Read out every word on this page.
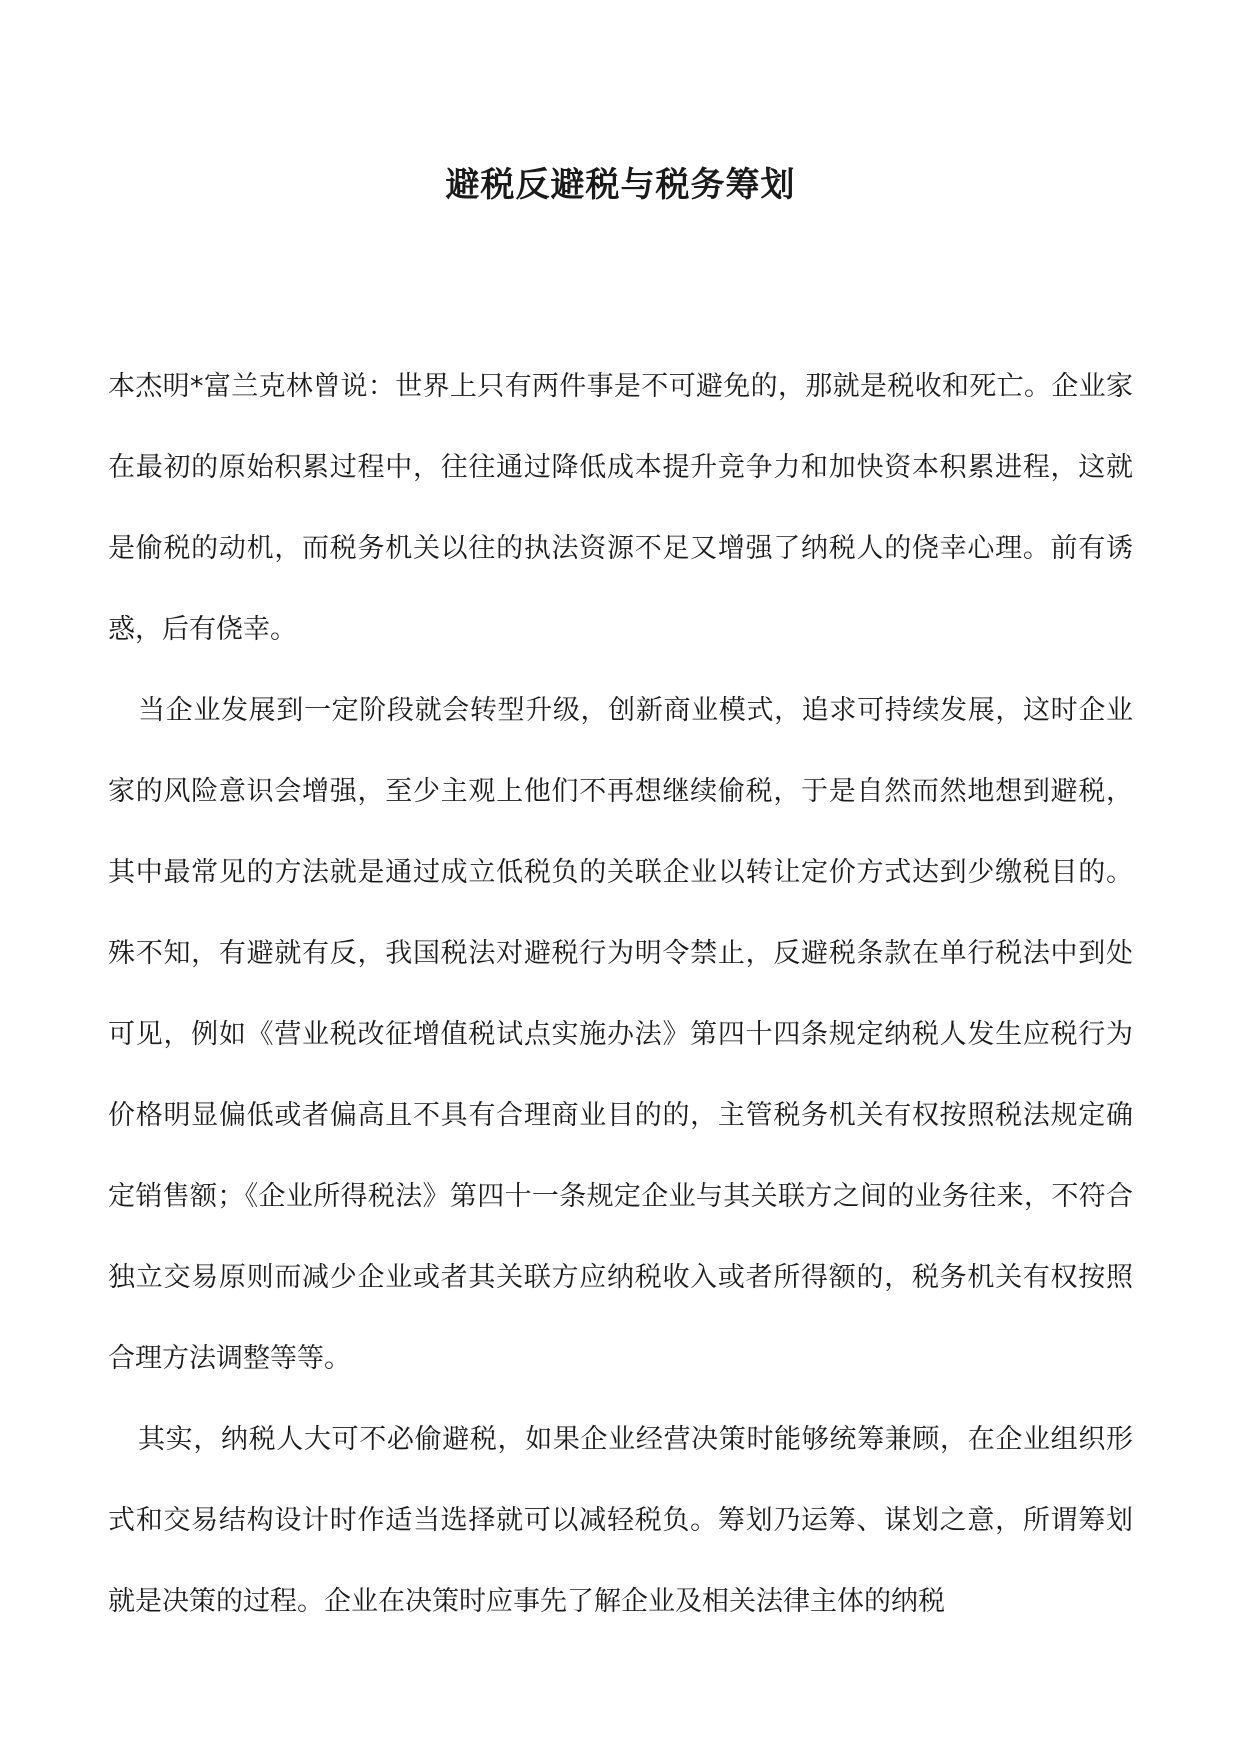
避税反避税与税务筹划

本杰明*富兰克林曾说：世界上只有两件事是不可避免的，那就是税收和死亡。企业家在最初的原始积累过程中，往往通过降低成本提升竞争力和加快资本积累进程，这就是偷税的动机，而税务机关以往的执法资源不足又增强了纳税人的侥幸心理。前有诱惑，后有侥幸。

当企业发展到一定阶段就会转型升级，创新商业模式，追求可持续发展，这时企业家的风险意识会增强，至少主观上他们不再想继续偷税，于是自然而然地想到避税，其中最常见的方法就是通过成立低税负的关联企业以转让定价方式达到少缴税目的。殊不知，有避就有反，我国税法对避税行为明令禁止，反避税条款在单行税法中到处可见，例如《营业税改征增值税试点实施办法》第四十四条规定纳税人发生应税行为价格明显偏低或者偏高且不具有合理商业目的的，主管税务机关有权按照税法规定确定销售额；《企业所得税法》第四十一条规定企业与其关联方之间的业务往来，不符合独立交易原则而减少企业或者其关联方应纳税收入或者所得额的，税务机关有权按照合理方法调整等等。

其实，纳税人大可不必偷避税，如果企业经营决策时能够统筹兼顾，在企业组织形式和交易结构设计时作适当选择就可以减轻税负。筹划乃运筹、谋划之意，所谓筹划就是决策的过程。企业在决策时应事先了解企业及相关法律主体的纳税
